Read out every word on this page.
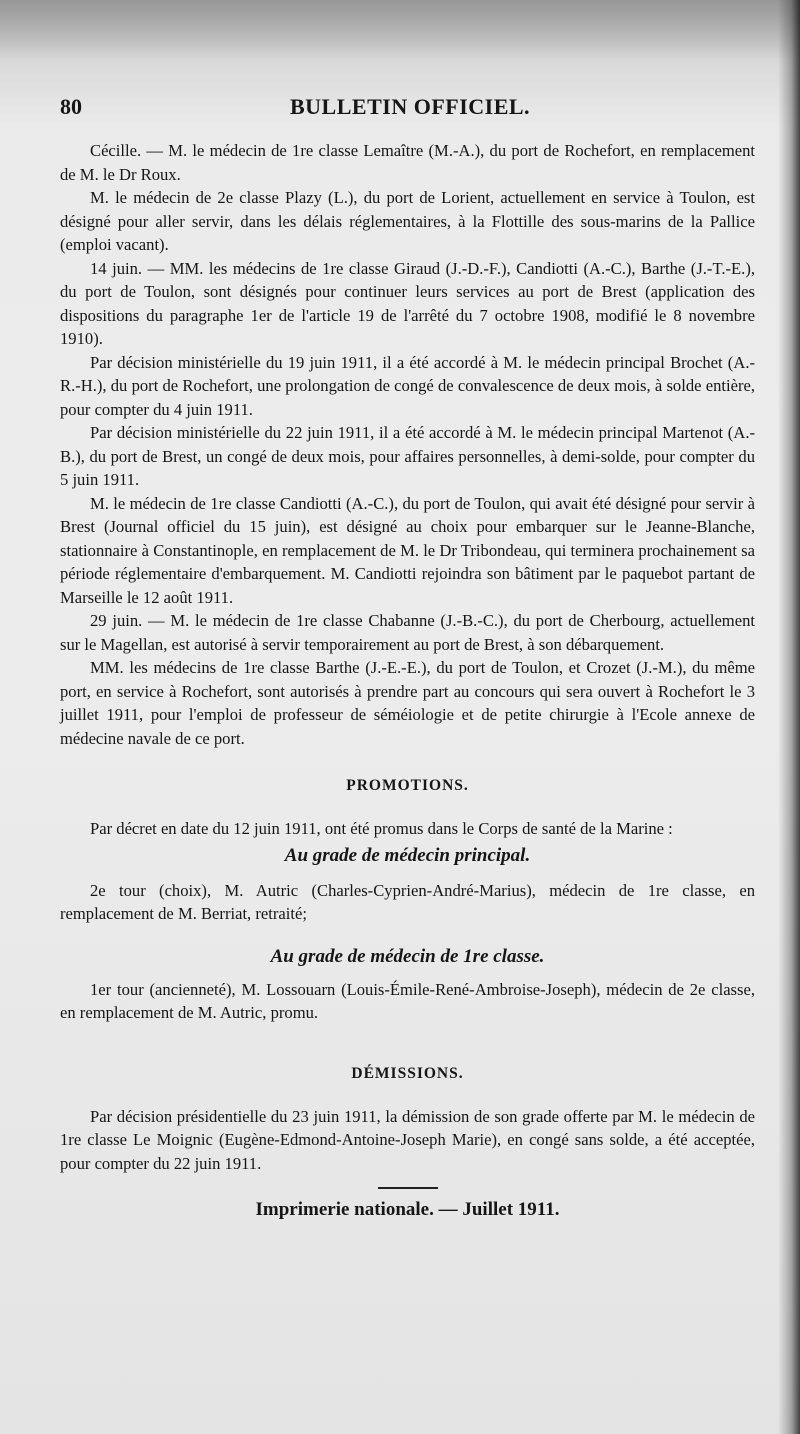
80	BULLETIN OFFICIEL.

Cécille. — M. le médecin de 1re classe Lemaître (M.-A.), du port de Rochefort, en remplacement de M. le Dr Roux.

M. le médecin de 2e classe Plazy (L.), du port de Lorient, actuellement en service à Toulon, est désigné pour aller servir, dans les délais réglementaires, à la Flottille des sous-marins de la Pallice (emploi vacant).

14 juin. — MM. les médecins de 1re classe Giraud (J.-D.-F.), Candiotti (A.-C.), Barthe (J.-T.-E.), du port de Toulon, sont désignés pour continuer leurs services au port de Brest (application des dispositions du paragraphe 1er de l'article 19 de l'arrêté du 7 octobre 1908, modifié le 8 novembre 1910).

Par décision ministérielle du 19 juin 1911, il a été accordé à M. le médecin principal Brochet (A.-R.-H.), du port de Rochefort, une prolongation de congé de convalescence de deux mois, à solde entière, pour compter du 4 juin 1911.

Par décision ministérielle du 22 juin 1911, il a été accordé à M. le médecin principal Martenot (A.-B.), du port de Brest, un congé de deux mois, pour affaires personnelles, à demi-solde, pour compter du 5 juin 1911.

M. le médecin de 1re classe Candiotti (A.-C.), du port de Toulon, qui avait été désigné pour servir à Brest (Journal officiel du 15 juin), est désigné au choix pour embarquer sur le Jeanne-Blanche, stationnaire à Constantinople, en remplacement de M. le Dr Tribondeau, qui terminera prochainement sa période réglementaire d'embarquement. M. Candiotti rejoindra son bâtiment par le paquebot partant de Marseille le 12 août 1911.

29 juin. — M. le médecin de 1re classe Chabanne (J.-B.-C.), du port de Cherbourg, actuellement sur le Magellan, est autorisé à servir temporairement au port de Brest, à son débarquement.

MM. les médecins de 1re classe Barthe (J.-E.-E.), du port de Toulon, et Crozet (J.-M.), du même port, en service à Rochefort, sont autorisés à prendre part au concours qui sera ouvert à Rochefort le 3 juillet 1911, pour l'emploi de professeur de séméiologie et de petite chirurgie à l'Ecole annexe de médecine navale de ce port.

PROMOTIONS.

Par décret en date du 12 juin 1911, ont été promus dans le Corps de santé de la Marine :

Au grade de médecin principal.

2e tour (choix), M. Autric (Charles-Cyprien-André-Marius), médecin de 1re classe, en remplacement de M. Berriat, retraité;

Au grade de médecin de 1re classe.

1er tour (ancienneté), M. Lossouarn (Louis-Émile-René-Ambroise-Joseph), médecin de 2e classe, en remplacement de M. Autric, promu.

DÉMISSIONS.

Par décision présidentielle du 23 juin 1911, la démission de son grade offerte par M. le médecin de 1re classe Le Moignic (Eugène-Edmond-Antoine-Joseph Marie), en congé sans solde, a été acceptée, pour compter du 22 juin 1911.

Imprimerie nationale. — Juillet 1911.
